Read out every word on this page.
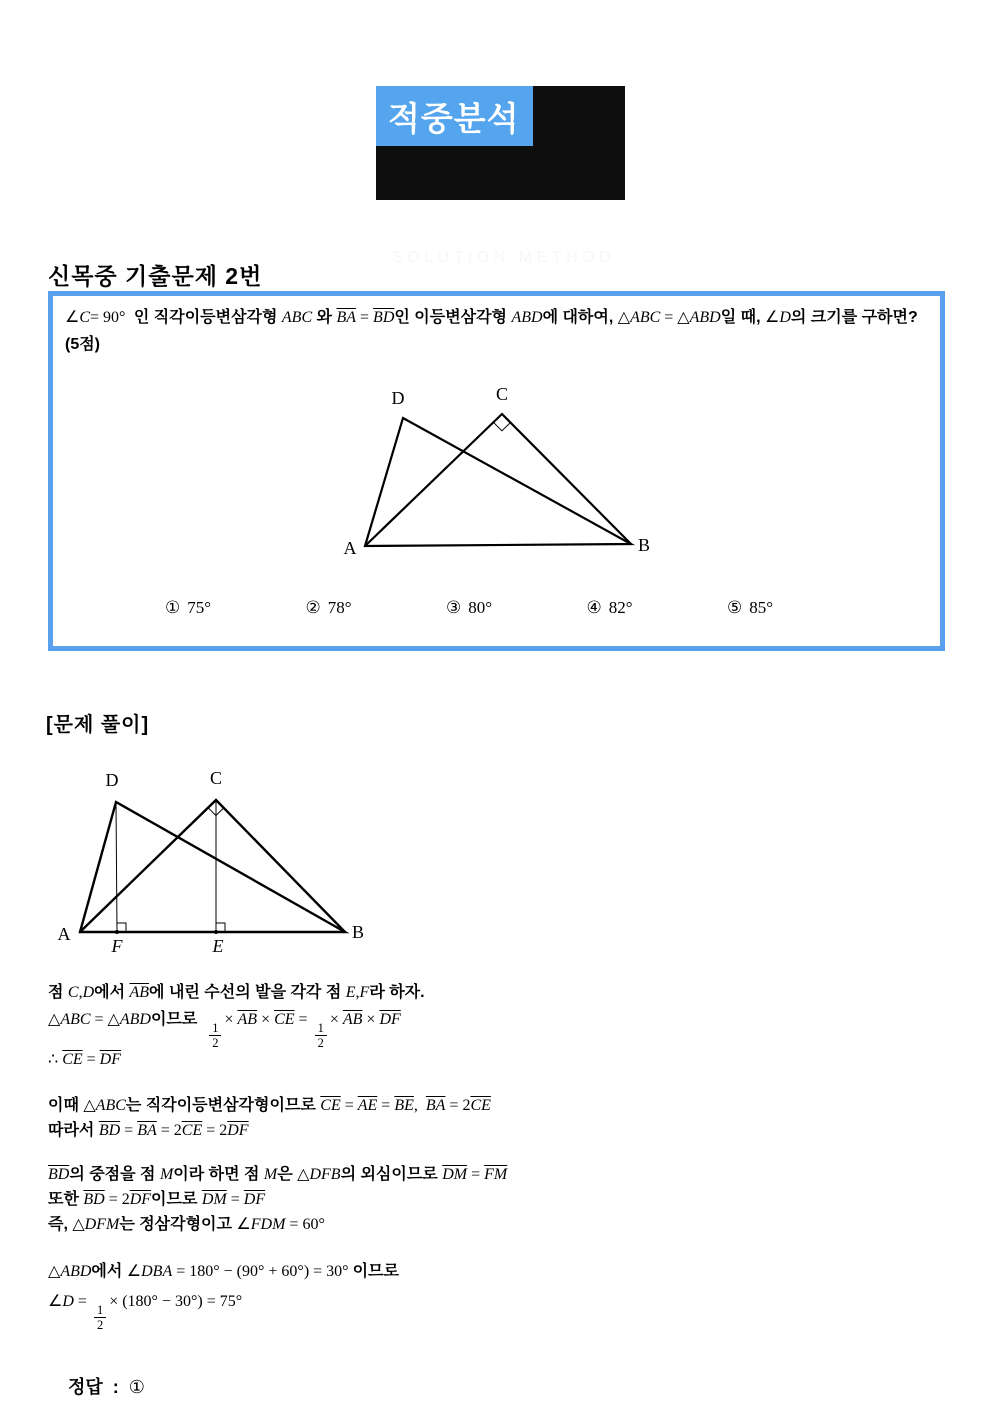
적중분석
SOLUTION METHOD
신목중 기출문제 2번
∠C= 90°  인 직각이등변삼각형 ABC 와 $\overline{BA} = \overline{BD}$인 이등변삼각형 ABD에 대하여, △ABC = △ABD일 때, ∠D의 크기를 구하면? (5점)
D	C
A	B
① 75°	② 78°	③ 80°	④ 82°	⑤ 85°
[문제 풀이]
D	C
A	B
F	E
점 C,D에서 $\overline{AB}$에 내린 수선의 발을 각각 점 E,F라 하자.
△ABC = △ABD이므로
$\frac{1}{2}$
× $\overline{AB} \times \overline{CE}$ =
$\frac{1}{2}$
× $\overline{AB} \times \overline{DF}$
∴ $\overline{CE} = \overline{DF}$
이때 △ABC는 직각이등변삼각형이므로 $\overline{CE} = \overline{AE} = \overline{BE}$,  $\overline{BA} = 2\overline{CE}$
따라서 $\overline{BD} = \overline{BA} = 2\overline{CE} = 2\overline{DF}$
$\overline{BD}$의 중점을 점 M이라 하면 점 M은 △DFB의 외심이므로 $\overline{DM} = \overline{FM}$
또한 $\overline{BD} = 2\overline{DF}$이므로 $\overline{DM} = \overline{DF}$
즉, △DFM는 정삼각형이고 ∠FDM = 60°
△ABD에서 ∠DBA = 180° − (90° + 60°) = 30° 이므로
∠D =
$\frac{1}{2}$
× (180° − 30°) = 75°

정답  :  ①
